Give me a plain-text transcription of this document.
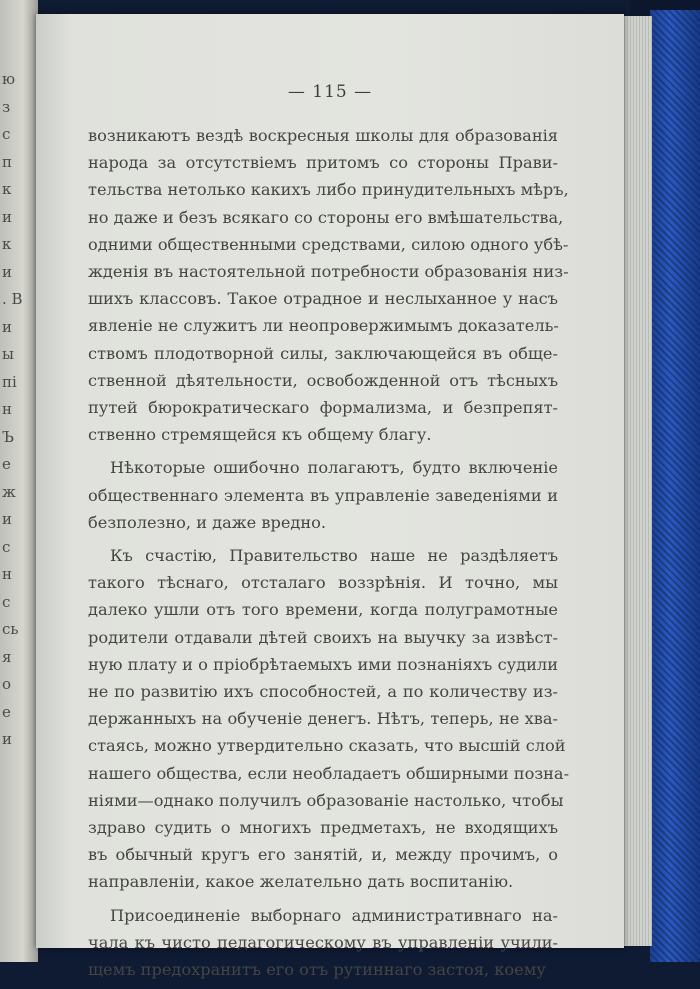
ю
з
с
п
к
и
к
и
. В
и
ы
пі
н
Ъ
е
ж
и
с
н
с
сь
я
о
е
и
— 115 —
возникаютъ вездѣ воскресныя школы для образованія
народа за отсутствіемъ притомъ со стороны Прави-
тельства нетолько какихъ либо принудительныхъ мѣръ,
но даже и безъ всякаго со стороны его вмѣшательства,
одними общественными средствами, силою одного убѣ-
жденія въ настоятельной потребности образованія низ-
шихъ классовъ. Такое отрадное и неслыханное у насъ
явленіе не служитъ ли неопровержимымъ доказатель-
ствомъ плодотворной силы, заключающейся въ обще-
ственной дѣятельности, освобожденной отъ тѣсныхъ
путей бюрократическаго формализма, и безпрепят-
ственно стремящейся къ общему благу.
Нѣкоторые ошибочно полагаютъ, будто включеніе
общественнаго элемента въ управленіе заведеніями и
безполезно, и даже вредно.
Къ счастію, Правительство наше не раздѣляетъ
такого тѣснаго, отсталаго воззрѣнія. И точно, мы
далеко ушли отъ того времени, когда полуграмотные
родители отдавали дѣтей своихъ на выучку за извѣст-
ную плату и о пріобрѣтаемыхъ ими познаніяхъ судили
не по развитію ихъ способностей, а по количеству из-
держанныхъ на обученіе денегъ. Нѣтъ, теперь, не хва-
стаясь, можно утвердительно сказать, что высшій слой
нашего общества, если необладаетъ обширными позна-
ніями—однако получилъ образованіе настолько, чтобы
здраво судить о многихъ предметахъ, не входящихъ
въ обычный кругъ его занятій, и, между прочимъ, о
направленіи, какое желательно дать воспитанію.
Присоединеніе выборнаго административнаго на-
чала къ чисто педагогическому въ управленіи учили-
щемъ предохранитъ его отъ рутиннаго застоя, коему
